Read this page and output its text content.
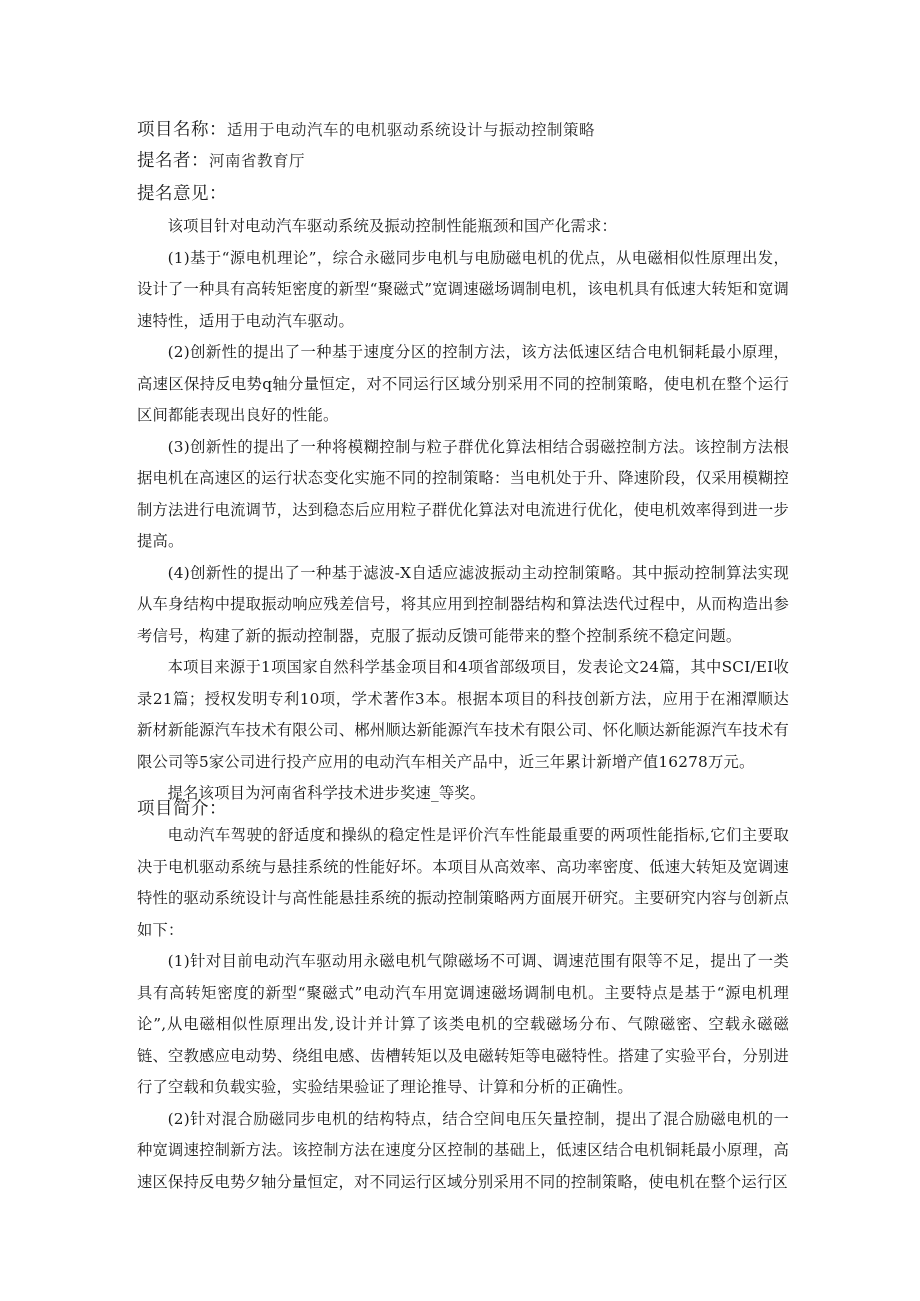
项目名称：适用于电动汽车的电机驱动系统设计与振动控制策略
提名者：河南省教育厅
提名意见：

该项目针对电动汽车驱动系统及振动控制性能瓶颈和国产化需求：

(1)基于“源电机理论”，综合永磁同步电机与电励磁电机的优点，从电磁相似性原理出发，设计了一种具有高转矩密度的新型“聚磁式”宽调速磁场调制电机，该电机具有低速大转矩和宽调速特性，适用于电动汽车驱动。

(2)创新性的提出了一种基于速度分区的控制方法，该方法低速区结合电机铜耗最小原理，高速区保持反电势q轴分量恒定，对不同运行区域分别采用不同的控制策略，使电机在整个运行区间都能表现出良好的性能。

(3)创新性的提出了一种将模糊控制与粒子群优化算法相结合弱磁控制方法。该控制方法根据电机在高速区的运行状态变化实施不同的控制策略：当电机处于升、降速阶段，仅采用模糊控制方法进行电流调节，达到稳态后应用粒子群优化算法对电流进行优化，使电机效率得到进一步提高。

(4)创新性的提出了一种基于滤波-X自适应滤波振动主动控制策略。其中振动控制算法实现从车身结构中提取振动响应残差信号，将其应用到控制器结构和算法迭代过程中，从而构造出参考信号，构建了新的振动控制器，克服了振动反馈可能带来的整个控制系统不稳定问题。

本项目来源于1项国家自然科学基金项目和4项省部级项目，发表论文24篇，其中SCI/EI收录21篇；授权发明专利10项，学术著作3本。根据本项目的科技创新方法，应用于在湘潭顺达新材新能源汽车技术有限公司、郴州顺达新能源汽车技术有限公司、怀化顺达新能源汽车技术有限公司等5家公司进行投产应用的电动汽车相关产品中，近三年累计新增产值16278万元。

提名该项目为河南省科学技术进步奖速_等奖。

项目简介：

电动汽车驾驶的舒适度和操纵的稳定性是评价汽车性能最重要的两项性能指标,它们主要取决于电机驱动系统与悬挂系统的性能好坏。本项目从高效率、高功率密度、低速大转矩及宽调速特性的驱动系统设计与高性能悬挂系统的振动控制策略两方面展开研究。主要研究内容与创新点如下：

(1)针对目前电动汽车驱动用永磁电机气隙磁场不可调、调速范围有限等不足，提出了一类具有高转矩密度的新型“聚磁式”电动汽车用宽调速磁场调制电机。主要特点是基于“源电机理论”,从电磁相似性原理出发,设计并计算了该类电机的空载磁场分布、气隙磁密、空载永磁磁链、空教感应电动势、绕组电感、齿槽转矩以及电磁转矩等电磁特性。搭建了实验平台，分别进行了空载和负载实验，实验结果验证了理论推导、计算和分析的正确性。

(2)针对混合励磁同步电机的结构特点，结合空间电压矢量控制，提出了混合励磁电机的一种宽调速控制新方法。该控制方法在速度分区控制的基础上，低速区结合电机铜耗最小原理，高速区保持反电势夕轴分量恒定，对不同运行区域分别采用不同的控制策略，使电机在整个运行区
